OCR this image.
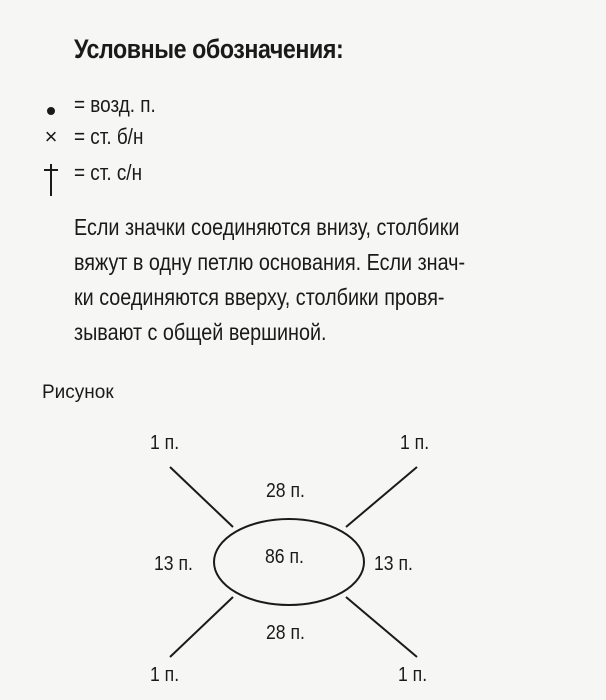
Условные обозначения:
= возд. п.
× = ст. б/н
= ст. с/н
Если значки соединяются внизу, столбики
вяжут в одну петлю основания. Если знач-
ки соединяются вверху, столбики провя-
зывают с общей вершиной.
Рисунок
1 п.	1 п.
28 п.
13 п.	86 п.	13 п.
28 п.
1 п.	1 п.
